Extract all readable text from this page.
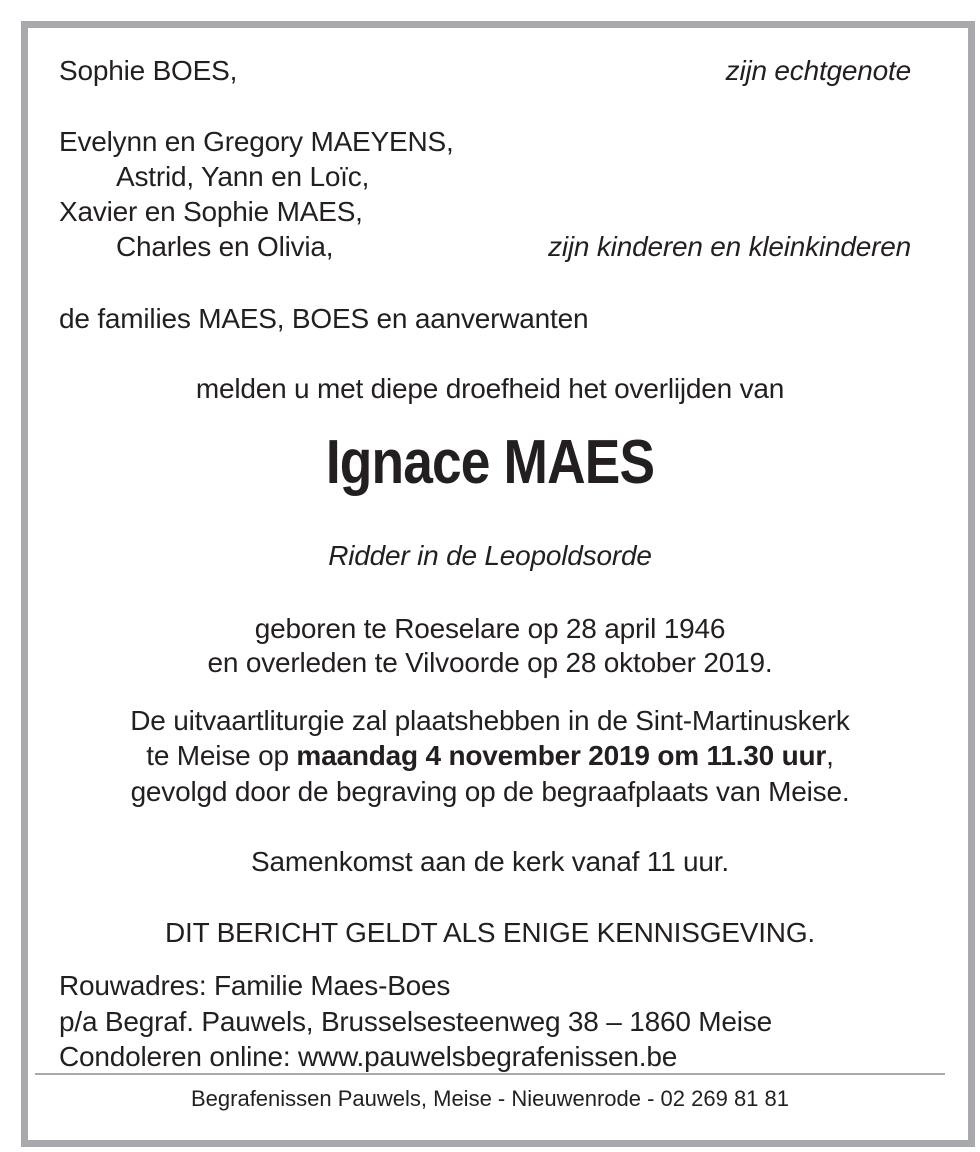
Sophie BOES,	zijn echtgenote
Evelynn en Gregory MAEYENS,
Astrid, Yann en Loïc,
Xavier en Sophie MAES,
Charles en Olivia,	zijn kinderen en kleinkinderen
de families MAES, BOES en aanverwanten
melden u met diepe droefheid het overlijden van
Ignace MAES
Ridder in de Leopoldsorde
geboren te Roeselare op 28 april 1946
en overleden te Vilvoorde op 28 oktober 2019.
De uitvaartliturgie zal plaatshebben in de Sint-Martinuskerk
te Meise op maandag 4 november 2019 om 11.30 uur,
gevolgd door de begraving op de begraafplaats van Meise.
Samenkomst aan de kerk vanaf 11 uur.
DIT BERICHT GELDT ALS ENIGE KENNISGEVING.
Rouwadres: Familie Maes-Boes
p/a Begraf. Pauwels, Brusselsesteenweg 38 – 1860 Meise
Condoleren online: www.pauwelsbegrafenissen.be
Begrafenissen Pauwels, Meise - Nieuwenrode - 02 269 81 81
